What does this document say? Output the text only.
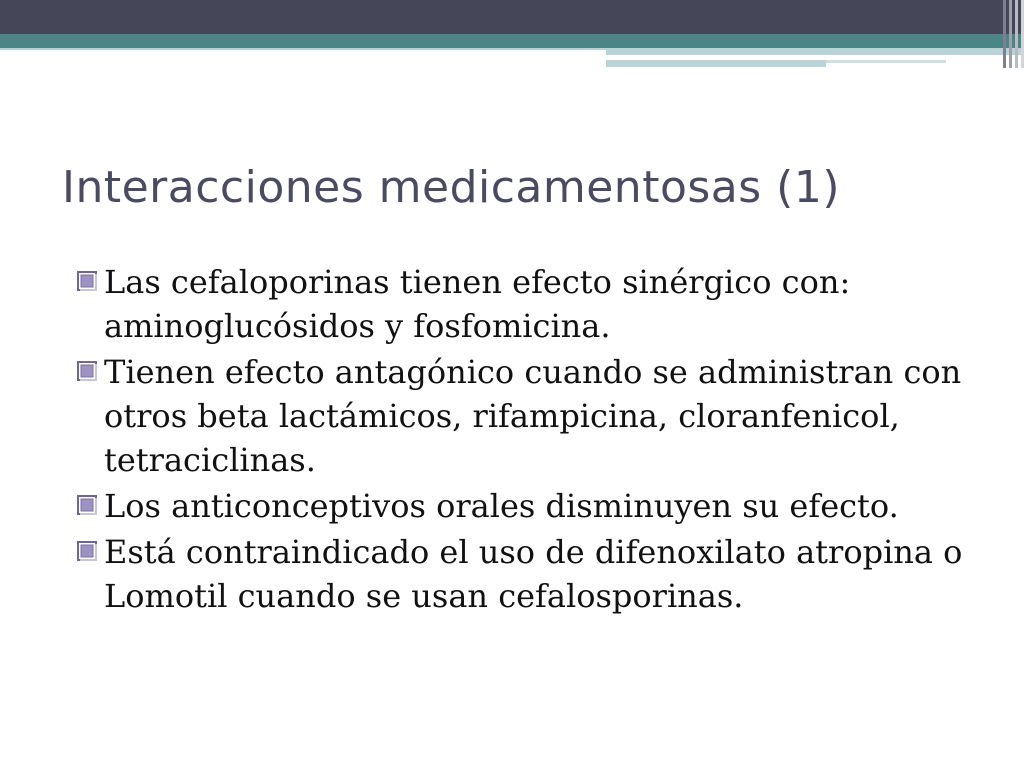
Interacciones medicamentosas (1)
Las cefaloporinas tienen efecto sinérgico con: aminoglucósidos y fosfomicina.
Tienen efecto antagónico cuando se administran con otros beta lactámicos, rifampicina, cloranfenicol, tetraciclinas.
Los anticonceptivos orales disminuyen su efecto.
Está contraindicado el uso de difenoxilato atropina o Lomotil cuando se usan cefalosporinas.
